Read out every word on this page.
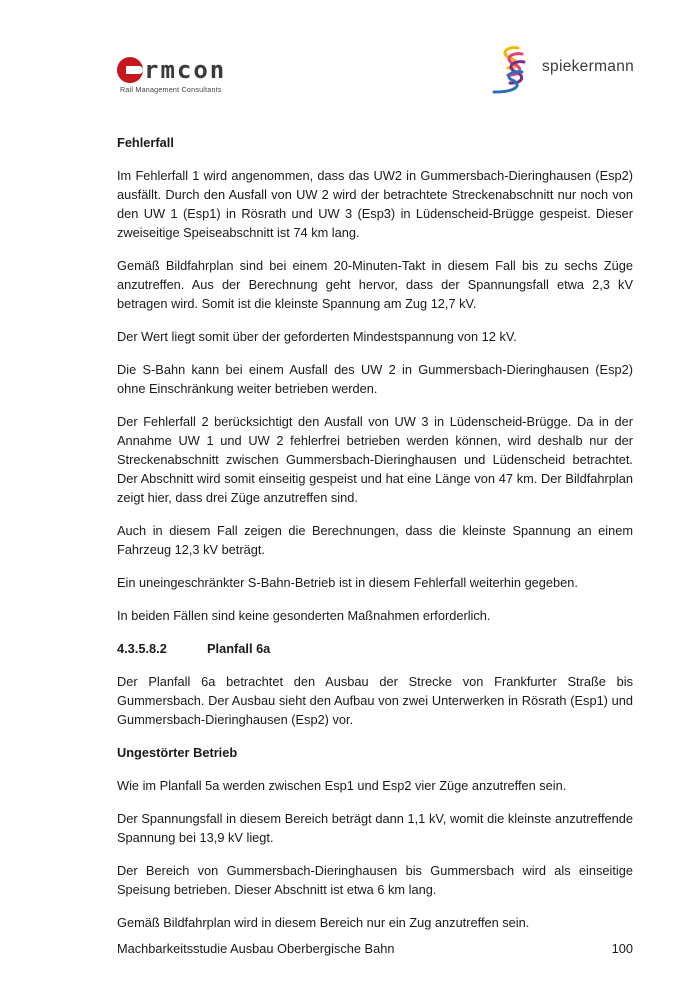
rmcon
Rail Management Consultants
spiekermann
Fehlerfall

Im Fehlerfall 1 wird angenommen, dass das UW2 in Gummersbach-Dieringhausen (Esp2) ausfällt. Durch den Ausfall von UW 2 wird der betrachtete Streckenabschnitt nur noch von den UW 1 (Esp1) in Rösrath und UW 3 (Esp3) in Lüdenscheid-Brügge gespeist. Dieser zweiseitige Speiseabschnitt ist 74 km lang.

Gemäß Bildfahrplan sind bei einem 20-Minuten-Takt in diesem Fall bis zu sechs Züge anzutreffen. Aus der Berechnung geht hervor, dass der Spannungsfall etwa 2,3 kV betragen wird. Somit ist die kleinste Spannung am Zug 12,7 kV.

Der Wert liegt somit über der geforderten Mindestspannung von 12 kV.

Die S-Bahn kann bei einem Ausfall des UW 2 in Gummersbach-Dieringhausen (Esp2) ohne Einschränkung weiter betrieben werden.

Der Fehlerfall 2 berücksichtigt den Ausfall von UW 3 in Lüdenscheid-Brügge. Da in der Annahme UW 1 und UW 2 fehlerfrei betrieben werden können, wird deshalb nur der Streckenabschnitt zwischen Gummersbach-Dieringhausen und Lüdenscheid betrachtet. Der Abschnitt wird somit einseitig gespeist und hat eine Länge von 47 km. Der Bildfahrplan zeigt hier, dass drei Züge anzutreffen sind.

Auch in diesem Fall zeigen die Berechnungen, dass die kleinste Spannung an einem Fahrzeug 12,3 kV beträgt.

Ein uneingeschränkter S-Bahn-Betrieb ist in diesem Fehlerfall weiterhin gegeben.

In beiden Fällen sind keine gesonderten Maßnahmen erforderlich.

4.3.5.8.2	Planfall 6a

Der Planfall 6a betrachtet den Ausbau der Strecke von Frankfurter Straße bis Gummersbach. Der Ausbau sieht den Aufbau von zwei Unterwerken in Rösrath (Esp1) und Gummersbach-Dieringhausen (Esp2) vor.

Ungestörter Betrieb

Wie im Planfall 5a werden zwischen Esp1 und Esp2 vier Züge anzutreffen sein.

Der Spannungsfall in diesem Bereich beträgt dann 1,1 kV, womit die kleinste anzutreffende Spannung bei 13,9 kV liegt.

Der Bereich von Gummersbach-Dieringhausen bis Gummersbach wird als einseitige Speisung betrieben. Dieser Abschnitt ist etwa 6 km lang.

Gemäß Bildfahrplan wird in diesem Bereich nur ein Zug anzutreffen sein.

Machbarkeitsstudie Ausbau Oberbergische Bahn	100
